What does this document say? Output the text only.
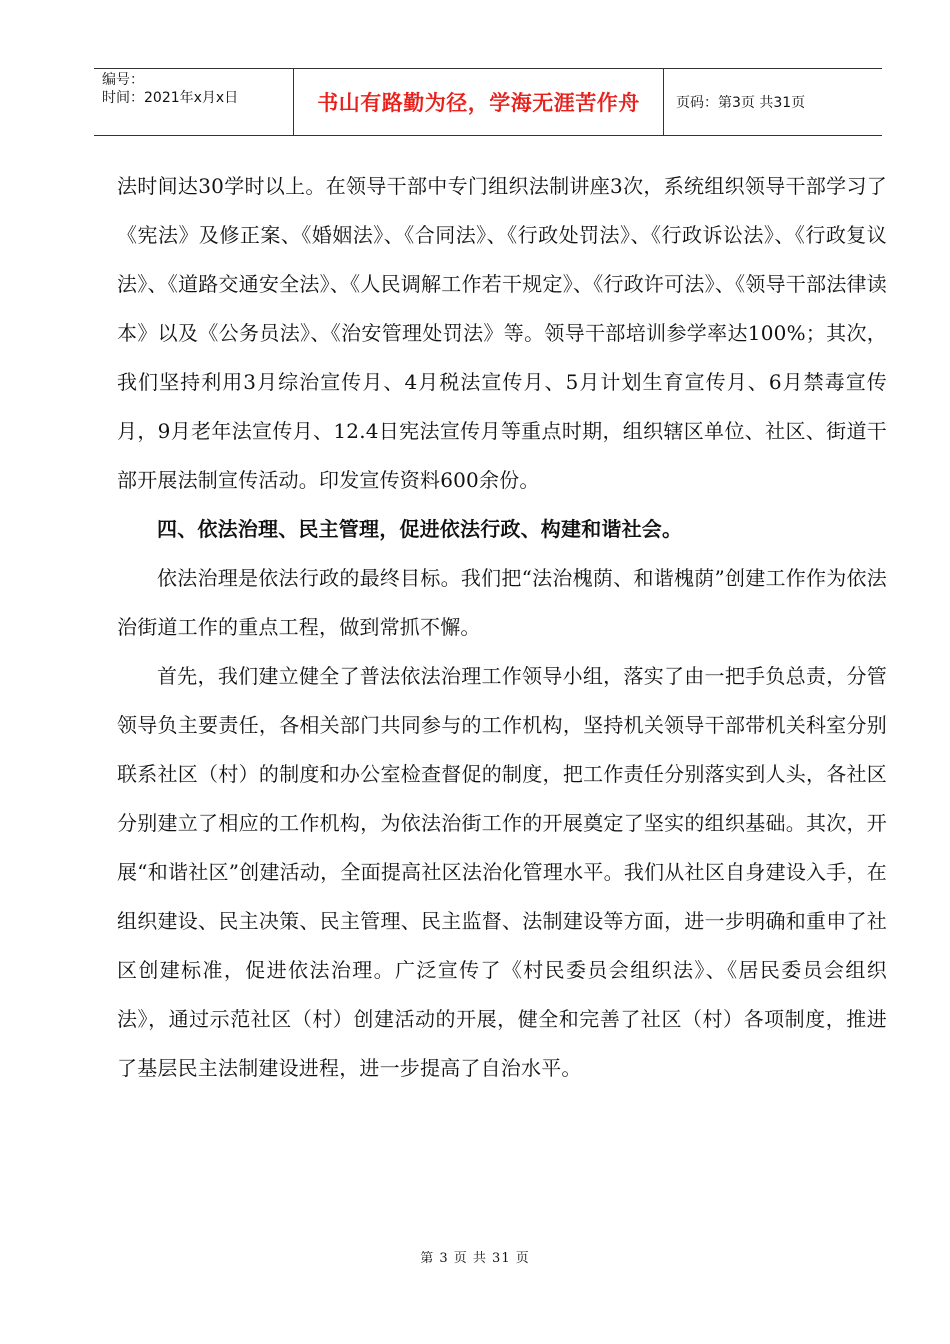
编号：
时间：2021年x月x日	书山有路勤为径，学海无涯苦作舟	页码：第3页 共31页

法时间达30学时以上。在领导干部中专门组织法制讲座3次，系统组织领导干部学习了《宪法》及修正案、《婚姻法》、《合同法》、《行政处罚法》、《行政诉讼法》、《行政复议法》、《道路交通安全法》、《人民调解工作若干规定》、《行政许可法》、《领导干部法律读本》以及《公务员法》、《治安管理处罚法》等。领导干部培训参学率达100%；其次，我们坚持利用3月综治宣传月、4月税法宣传月、5月计划生育宣传月、6月禁毒宣传月，9月老年法宣传月、12.4日宪法宣传月等重点时期，组织辖区单位、社区、街道干部开展法制宣传活动。印发宣传资料600余份。

四、依法治理、民主管理，促进依法行政、构建和谐社会。

依法治理是依法行政的最终目标。我们把“法治槐荫、和谐槐荫”创建工作作为依法治街道工作的重点工程，做到常抓不懈。

首先，我们建立健全了普法依法治理工作领导小组，落实了由一把手负总责，分管领导负主要责任，各相关部门共同参与的工作机构，坚持机关领导干部带机关科室分别联系社区（村）的制度和办公室检查督促的制度，把工作责任分别落实到人头，各社区分别建立了相应的工作机构，为依法治街工作的开展奠定了坚实的组织基础。其次，开展“和谐社区”创建活动，全面提高社区法治化管理水平。我们从社区自身建设入手，在组织建设、民主决策、民主管理、民主监督、法制建设等方面，进一步明确和重申了社区创建标准，促进依法治理。广泛宣传了《村民委员会组织法》、《居民委员会组织法》，通过示范社区（村）创建活动的开展，健全和完善了社区（村）各项制度，推进了基层民主法制建设进程，进一步提高了自治水平。

第 3 页 共 31 页
